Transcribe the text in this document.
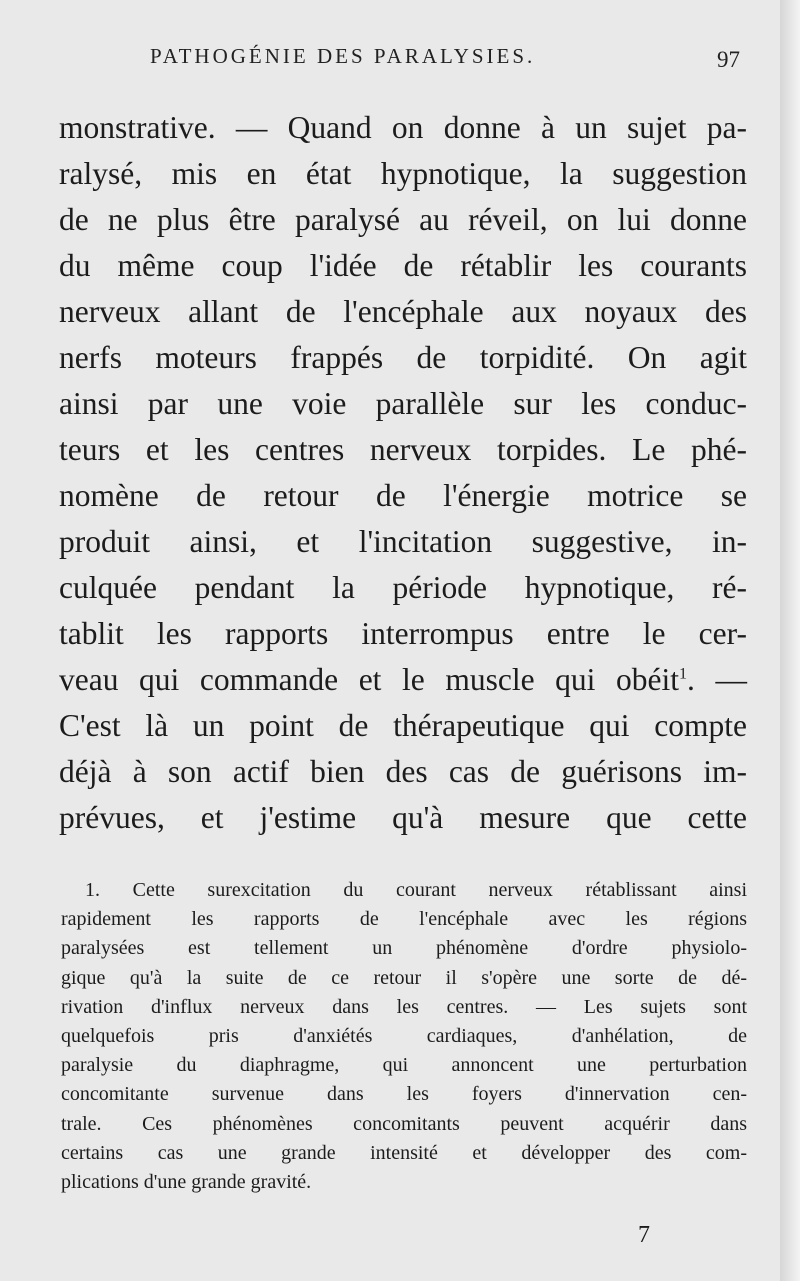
PATHOGÉNIE DES PARALYSIES.	97
monstrative. — Quand on donne à un sujet pa-
ralysé, mis en état hypnotique, la suggestion
de ne plus être paralysé au réveil, on lui donne
du même coup l'idée de rétablir les courants
nerveux allant de l'encéphale aux noyaux des
nerfs moteurs frappés de torpidité. On agit
ainsi par une voie parallèle sur les conduc-
teurs et les centres nerveux torpides. Le phé-
nomène de retour de l'énergie motrice se
produit ainsi, et l'incitation suggestive, in-
culquée pendant la période hypnotique, ré-
tablit les rapports interrompus entre le cer-
veau qui commande et le muscle qui obéit$^1$. —
C'est là un point de thérapeutique qui compte
déjà à son actif bien des cas de guérisons im-
prévues, et j'estime qu'à mesure que cette
1. Cette surexcitation du courant nerveux rétablissant ainsi
rapidement les rapports de l'encéphale avec les régions
paralysées est tellement un phénomène d'ordre physiolo-
gique qu'à la suite de ce retour il s'opère une sorte de dé-
rivation d'influx nerveux dans les centres. — Les sujets sont
quelquefois pris d'anxiétés cardiaques, d'anhélation, de
paralysie du diaphragme, qui annoncent une perturbation
concomitante survenue dans les foyers d'innervation cen-
trale. Ces phénomènes concomitants peuvent acquérir dans
certains cas une grande intensité et développer des com-
plications d'une grande gravité.
7
